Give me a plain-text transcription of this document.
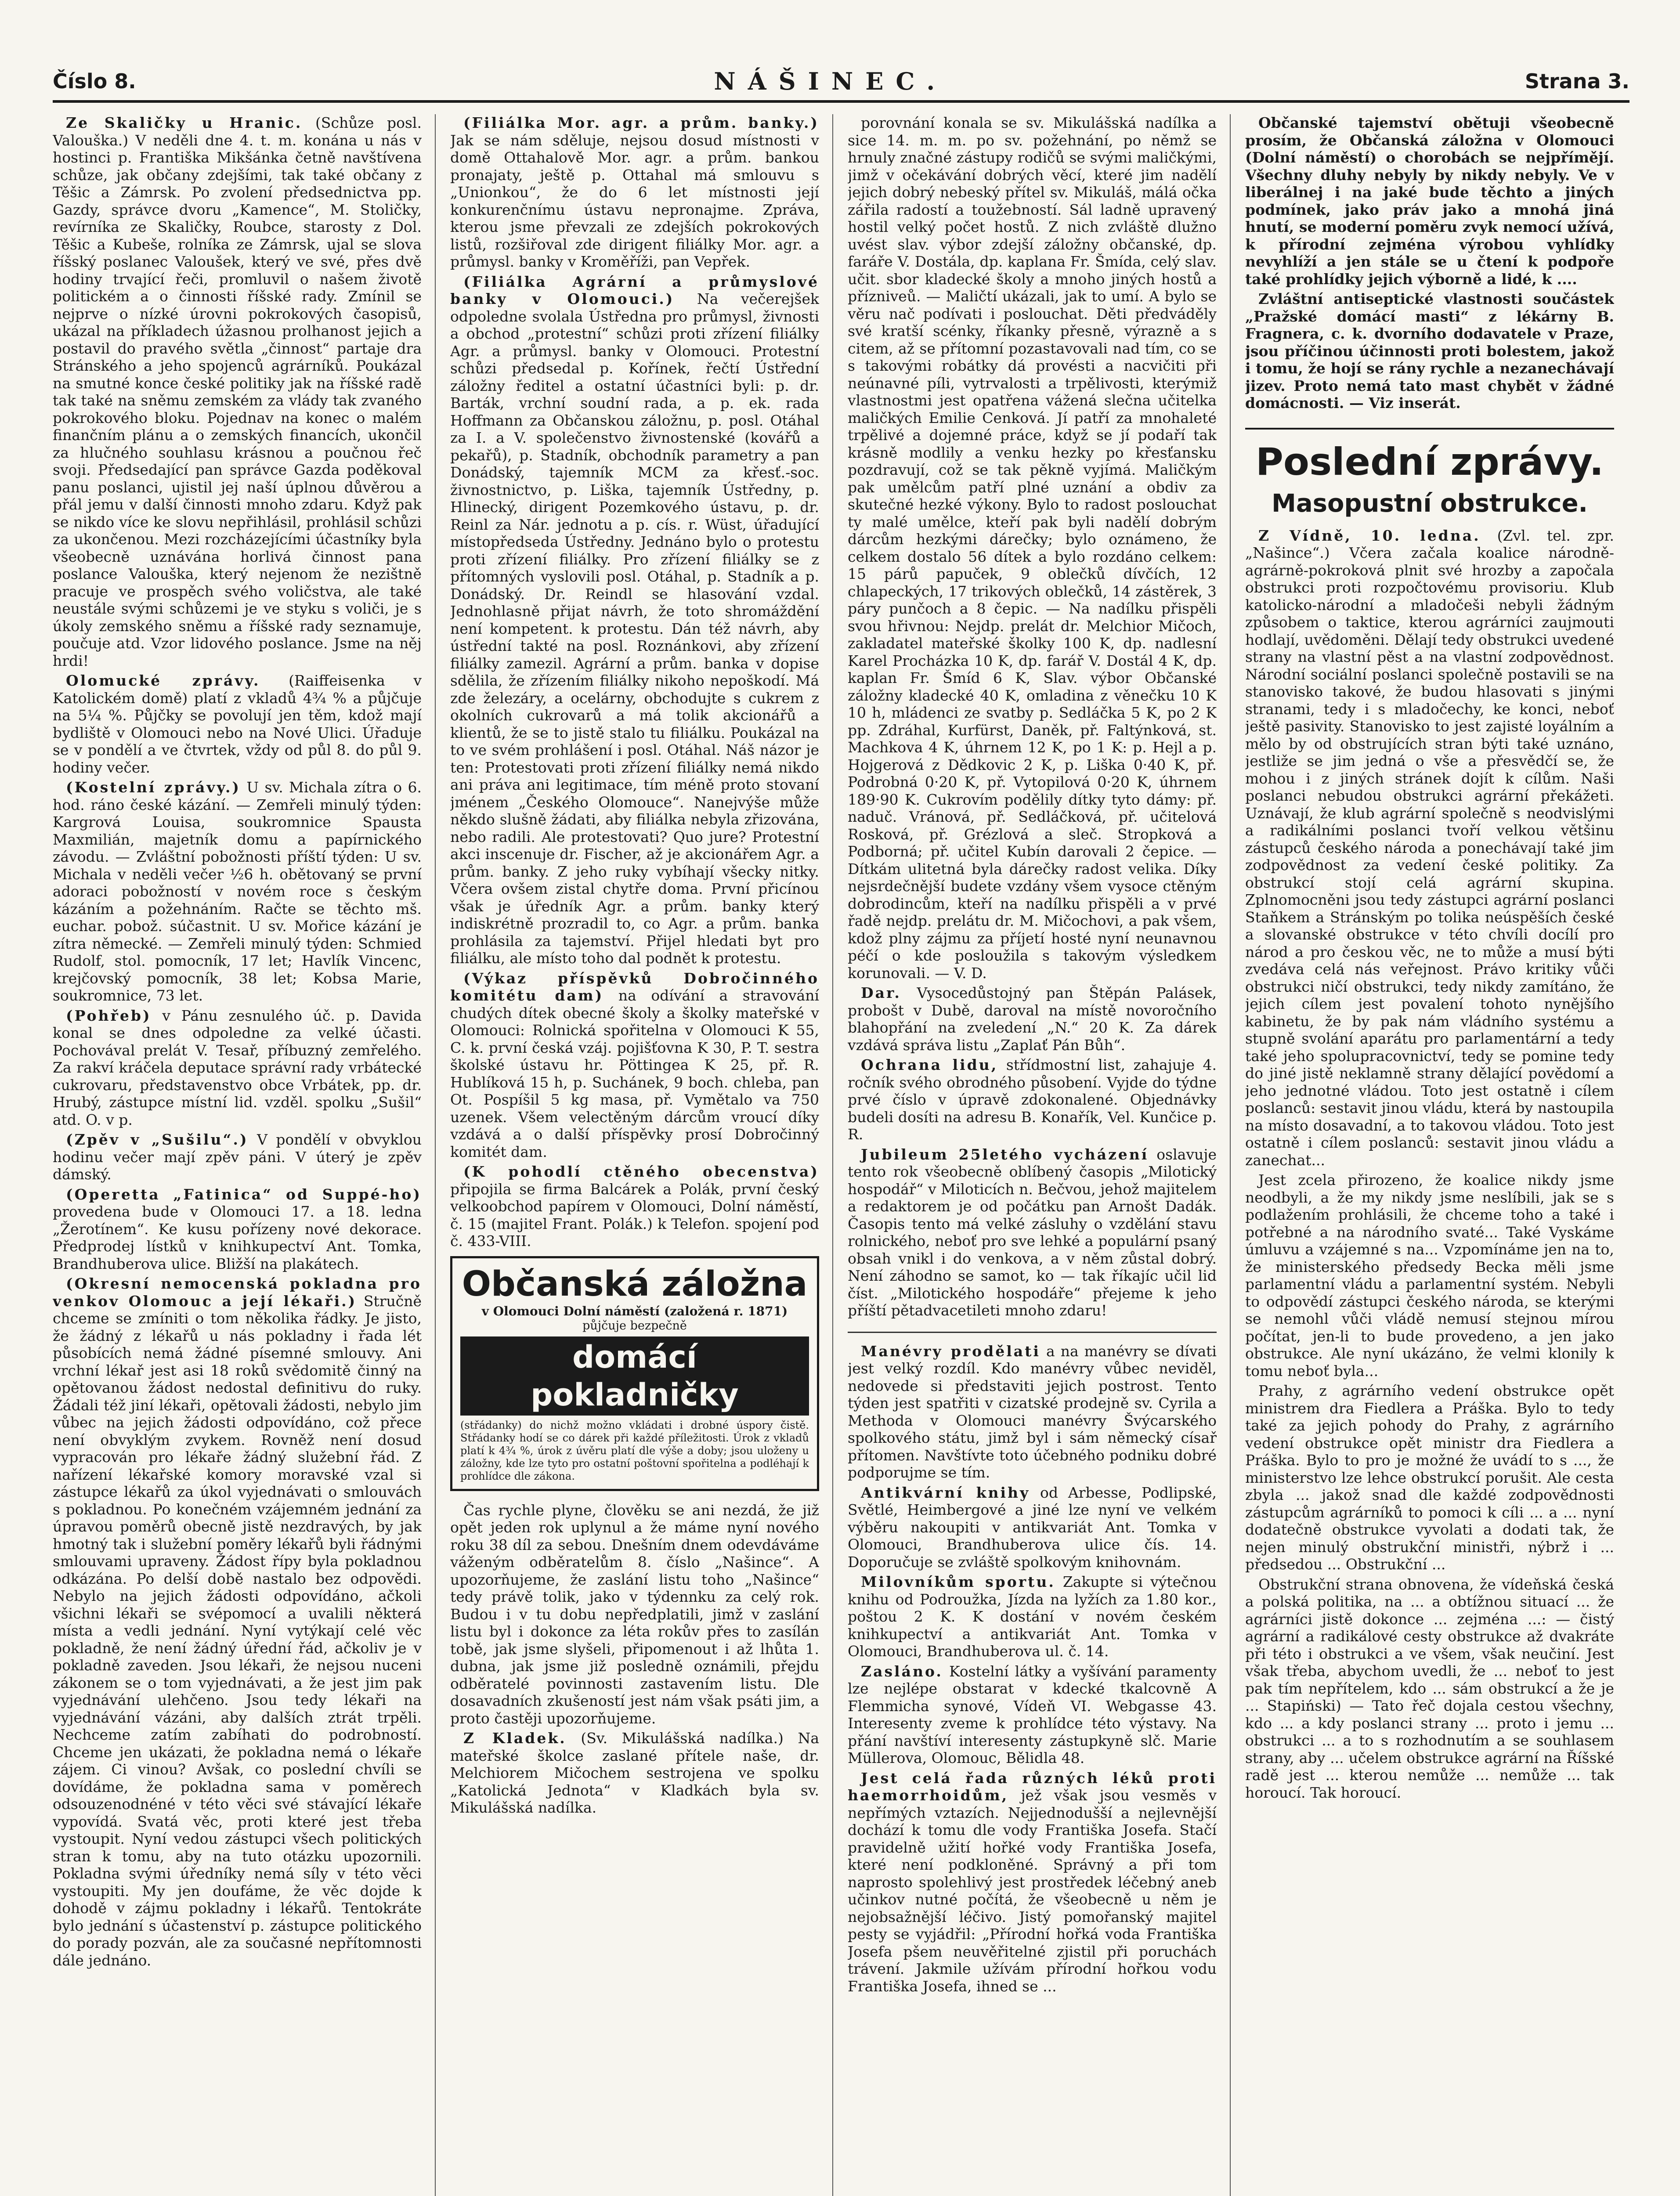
Číslo 8.	NÁŠINEC.	Strana 3.

Ze Skaličky u Hranic. (Schůze posl. Valouška.) V neděli dne 4. t. m. konána u nás v hostinci p. Františka Mikšánka četně navštívena schůze, jak občany zdejšími, tak také občany z Těšic a Zámrsk. Po zvolení předsednictva pp. Gazdy, správce dvoru „Kamence“, M. Stoličky, revírníka ze Skaličky, Roubce, starosty z Dol. Těšic a Kubeše, rolníka ze Zámrsk, ujal se slova říšský poslanec Valoušek, který ve své, přes dvě hodiny trvající řeči, promluvil o našem životě politickém a o činnosti říšské rady. Zmínil se nejprve o nízké úrovni pokrokových časopisů, ukázal na příkladech úžasnou prolhanost jejich a postavil do pravého světla „činnost“ partaje dra Stránského a jeho spojenců agrárníků. Poukázal na smutné konce české politiky jak na říšské radě tak také na sněmu zemském za vlády tak zvaného pokrokového bloku. Pojednav na konec o malém finančním plánu a o zemských financích, ukončil za hlučného souhlasu krásnou a poučnou řeč svoji. Předsedající pan správce Gazda poděkoval panu poslanci, ujistil jej naší úplnou důvěrou a přál jemu v další činnosti mnoho zdaru. Když pak se nikdo více ke slovu nepřihlásil, prohlásil schůzi za ukončenou. Mezi rozcházejícími účastníky byla všeobecně uznávána horlivá činnost pana poslance Valouška, který nejenom že nezištně pracuje ve prospěch svého voličstva, ale také neustále svými schůzemi je ve styku s voliči, je s úkoly zemského sněmu a říšské rady seznamuje, poučuje atd. Vzor lidového poslance. Jsme na něj hrdi!

Olomucké zprávy. (Raiffeisenka v Katolickém domě) platí z vkladů 4¾ % a půjčuje na 5¼ %. Půjčky se povolují jen těm, kdož mají bydliště v Olomouci nebo na Nové Ulici. Úřaduje se v pondělí a ve čtvrtek, vždy od půl 8. do půl 9. hodiny večer.

(Kostelní zprávy.) U sv. Michala zítra o 6. hod. ráno české kázání. — Zemřeli minulý týden: Kargrová Louisa, soukromnice Spausta Maxmilián, majetník domu a papírnického závodu. — Zvláštní pobožnosti příští týden: U sv. Michala v neděli večer ½6 h. obětovaný se první adoraci pobožností v novém roce s českým kázáním a požehnáním. Račte se těchto mš. euchar. pobož. súčastnit. U sv. Mořice kázání je zítra německé. — Zemřeli minulý týden: Schmied Rudolf, stol. pomocník, 17 let; Havlík Vincenc, krejčovský pomocník, 38 let; Kobsa Marie, soukromnice, 73 let.

(Pohřeb) v Pánu zesnulého úč. p. Davida konal se dnes odpoledne za velké účasti. Pochovával prelát V. Tesař, příbuzný zemřelého. Za rakví kráčela deputace správní rady vrbátecké cukrovaru, představenstvo obce Vrbátek, pp. dr. Hrubý, zástupce místní lid. vzděl. spolku „Sušil“ atd. O. v p.

(Zpěv v „Sušilu“.) V pondělí v obvyklou hodinu večer mají zpěv páni. V úterý je zpěv dámský.

(Operetta „Fatinica“ od Suppé-ho) provedena bude v Olomouci 17. a 18. ledna „Žerotínem“. Ke kusu pořízeny nové dekorace. Předprodej lístků v knihkupectví Ant. Tomka, Brandhuberova ulice. Bližší na plakátech.

(Okresní nemocenská pokladna pro venkov Olomouc a její lékaři.) Stručně chceme se zmíniti o tom několika řádky. Je jisto, že žádný z lékařů u nás pokladny i řada lét působících nemá žádné písemné smlouvy. Ani vrchní lékař jest asi 18 roků svědomitě činný na opětovanou žádost nedostal definitivu do ruky. Žádali též jiní lékaři, opětovali žádosti, nebylo jim vůbec na jejich žádosti odpovídáno, což přece není obvyklým zvykem. Rovněž není dosud vypracován pro lékaře žádný služební řád. Z nařízení lékařské komory moravské vzal si zástupce lékařů za úkol vyjednávati o smlouvách s pokladnou. Po konečném vzájemném jednání za úpravou poměrů obecně jistě nezdravých, by jak hmotný tak i služební poměry lékařů byli řádnými smlouvami upraveny. Žádost řípy byla pokladnou odkázána. Po delší době nastalo bez odpovědi. Nebylo na jejich žádosti odpovídáno, ačkoli všichni lékaři se svépomocí a uvalili některá místa a vedli jednání. Nyní vytýkají celé věc pokladně, že není žádný úřední řád, ačkoliv je v pokladně zaveden. Jsou lékaři, že nejsou nuceni zákonem se o tom vyjednávati, a že jest jim pak vyjednávání ulehčeno. Jsou tedy lékaři na vyjednávání vázáni, aby dalších ztrát trpěli. Nechceme zatím zabíhati do podrobností. Chceme jen ukázati, že pokladna nemá o lékaře zájem. Ci vinou? Avšak, co poslední chvíli se dovídáme, že pokladna sama v poměrech odsouzenodnéné v této věci své stávající lékaře vypovídá. Svatá věc, proti které jest třeba vystoupit. Nyní vedou zástupci všech politických stran k tomu, aby na tuto otázku upozornili. Pokladna svými úředníky nemá síly v této věci vystoupiti. My jen doufáme, že věc dojde k dohodě v zájmu pokladny i lékařů. Tentokráte bylo jednání s účastenství p. zástupce politického do porady pozván, ale za současné nepřítomnosti dále jednáno.

(Filiálka Mor. agr. a prům. banky.) Jak se nám sděluje, nejsou dosud místnosti v domě Ottahalově Mor. agr. a prům. bankou pronajaty, ještě p. Ottahal má smlouvu s „Unionkou“, že do 6 let místnosti její konkurenčnímu ústavu nepronajme. Zpráva, kterou jsme převzali ze zdejších pokrokových listů, rozšiřoval zde dirigent filiálky Mor. agr. a průmysl. banky v Kroměříži, pan Vepřek.

(Filiálka Agrární a průmyslové banky v Olomouci.) Na večerejšek odpoledne svolala Ústředna pro průmysl, živnosti a obchod „protestní“ schůzi proti zřízení filiálky Agr. a průmysl. banky v Olomouci. Protestní schůzi předsedal p. Kořínek, řečtí Ústřední záložny ředitel a ostatní účastníci byli: p. dr. Barták, vrchní soudní rada, a p. ek. rada Hoffmann za Občanskou záložnu, p. posl. Otáhal za I. a V. společenstvo živnostenské (kovářů a pekařů), p. Stadník, obchodník parametry a pan Donádský, tajemník MCM za křesť.-soc. živnostnictvo, p. Liška, tajemník Ústředny, p. Hlinecký, dirigent Pozemkového ústavu, p. dr. Reinl za Nár. jednotu a p. cís. r. Wüst, úřadující místopředseda Ústředny. Jednáno bylo o protestu proti zřízení filiálky. Pro zřízení filiálky se z přítomných vyslovili posl. Otáhal, p. Stadník a p. Donádský. Dr. Reindl se hlasování vzdal. Jednohlasně přijat návrh, že toto shromáždění není kompetent. k protestu. Dán též návrh, aby ústřední takté na posl. Roznánkovi, aby zřízení filiálky zamezil. Agrární a prům. banka v dopise sdělila, že zřízením filiálky nikoho nepoškodí. Má zde železáry, a ocelárny, obchodujte s cukrem z okolních cukrovarů a má tolik akcionářů a klientů, že se to jistě stalo tu filiálku. Poukázal na to ve svém prohlášení i posl. Otáhal. Náš názor je ten: Protestovati proti zřízení filiálky nemá nikdo ani práva ani legitimace, tím méně proto stovaní jménem „Českého Olomouce“. Nanejvýše může někdo slušně žádati, aby filiálka nebyla zřizována, nebo radili. Ale protestovati? Quo jure? Protestní akci inscenuje dr. Fischer, až je akcionářem Agr. a prům. banky. Z jeho ruky vybíhají všecky nitky. Včera ovšem zistal chytře doma. První přicínou však je úředník Agr. a prům. banky který indiskrétně prozradil to, co Agr. a prům. banka prohlásila za tajemství. Přijel hledati byt pro filiálku, ale místo toho dal podnět k protestu.

(Výkaz příspěvků Dobročinného komitétu dam) na odívání a stravování chudých dítek obecné školy a školky mateřské v Olomouci: Rolnická spořitelna v Olomouci K 55, C. k. první česká vzáj. pojišťovna K 30, P. T. sestra školské ústavu hr. Pöttingea K 25, př. R. Hublíková 15 h, p. Suchánek, 9 boch. chleba, pan Ot. Pospíšil 5 kg masa, př. Vymětalo va 750 uzenek. Všem velectěným dárcům vroucí díky vzdává a o další příspěvky prosí Dobročinný komitét dam.

(K pohodlí ctěného obecenstva) připojila se firma Balcárek a Polák, první český velkoobchod papírem v Olomouci, Dolní náměstí, č. 15 (majitel Frant. Polák.) k Telefon. spojení pod č. 433-VIII.

Občanská záložna
v Olomouci Dolní náměstí (založená r. 1871)
půjčuje bezpečně
domácí pokladničky
(střádanky) do nichž možno vkládati i drobné úspory čistě. Střádanky hodí se co dárek při každé příležitosti. Úrok z vkladů platí k 4¾ %, úrok z úvěru platí dle výše a doby; jsou uloženy u záložny, kde lze tyto pro ostatní poštovní spořitelna a podléhají k prohlídce dle zákona.

Čas rychle plyne, člověku se ani nezdá, že již opět jeden rok uplynul a že máme nyní nového roku 38 díl za sebou. Dnešním dnem odevdáváme váženým odběratelům 8. číslo „Našince“. A upozorňujeme, že zaslání listu toho „Našince“ tedy právě tolik, jako v týdennku za celý rok. Budou i v tu dobu nepředplatili, jimž v zaslání listu byl i dokonce za léta rokův přes to zasílán tobě, jak jsme slyšeli, připomenout i až lhůta 1. dubna, jak jsme již posledně oznámili, přejdu odběratelé povinnosti zastavením listu. Dle dosavadních zkušeností jest nám však psáti jim, a proto častěji upozorňujeme.

Z Kladek. (Sv. Mikulášská nadílka.) Na mateřské školce zaslané přítele naše, dr. Melchiorem Mičochem sestrojena ve spolku „Katolická Jednota“ v Kladkách byla sv. Mikulášská nadílka.

porovnání konala se sv. Mikulášská nadílka a sice 14. m. m. po sv. požehnání, po němž se hrnuly značné zástupy rodičů se svými maličkými, jimž v očekávání dobrých věcí, které jim nadělí jejich dobrý nebeský přítel sv. Mikuláš, málá očka zářila radostí a toužebností. Sál ladně upravený hostil velký počet hostů. Z nich zvláště dlužno uvést slav. výbor zdejší záložny občanské, dp. faráře V. Dostála, dp. kaplana Fr. Šmída, celý slav. učit. sbor kladecké školy a mnoho jiných hostů a přízniveů. — Maličtí ukázali, jak to umí. A bylo se věru nač podívati i poslouchat. Děti předváděly své kratší scénky, říkanky přesně, výrazně a s citem, až se přítomní pozastavovali nad tím, co se s takovými robátky dá provésti a nacvičiti při neúnavné píli, vytrvalosti a trpělivosti, kterýmiž vlastnostmi jest opatřena vážená slečna učitelka maličkých Emilie Cenková. Jí patří za mnohaleté trpělivé a dojemné práce, když se jí podaří tak krásně modlily a venku hezky po křesťansku pozdravují, což se tak pěkně vyjímá. Maličkým pak umělcům patří plné uznání a obdiv za skutečné hezké výkony. Bylo to radost poslouchat ty malé umělce, kteří pak byli nadělí dobrým dárcům hezkými dárečky; bylo oznámeno, že celkem dostalo 56 dítek a bylo rozdáno celkem: 15 párů papuček, 9 oblečků dívčích, 12 chlapeckých, 17 trikových oblečků, 14 zástěrek, 3 páry punčoch a 8 čepic. — Na nadílku přispěli svou hřivnou: Nejdp. prelát dr. Melchior Mičoch, zakladatel mateřské školky 100 K, dp. nadlesní Karel Procházka 10 K, dp. farář V. Dostál 4 K, dp. kaplan Fr. Šmíd 6 K, Slav. výbor Občanské záložny kladecké 40 K, omladina z věnečku 10 K 10 h, mládenci ze svatby p. Sedláčka 5 K, po 2 K pp. Zdráhal, Kurfürst, Daněk, př. Faltýnková, st. Machkova 4 K, úhrnem 12 K, po 1 K: p. Hejl a p. Hojgerová z Dědkovic 2 K, p. Liška 0·40 K, př. Podrobná 0·20 K, př. Vytopilová 0·20 K, úhrnem 189·90 K. Cukrovím podělily dítky tyto dámy: př. naduč. Vránová, př. Sedláčková, př. učitelová Rosková, př. Grézlová a sleč. Stropková a Podborná; př. učitel Kubín darovali 2 čepice. — Dítkám ulitetná byla dárečky radost velika. Díky nejsrdečnější budete vzdány všem vysoce ctěným dobrodincům, kteří na nadílku přispěli a v prvé řadě nejdp. prelátu dr. M. Mičochovi, a pak všem, kdož plny zájmu za příjetí hosté nyní neunavnou péčí o kde posloužila s takovým výsledkem korunovali. — V. D.

Dar. Vysocedůstojný pan Štěpán Palásek, probošt v Dubě, daroval na místě novoročního blahopřání na zveledení „N.“ 20 K. Za dárek vzdává správa listu „Zaplať Pán Bůh“.

Ochrana lidu, střídmostní list, zahajuje 4. ročník svého obrodného působení. Vyjde do týdne prvé číslo v úpravě zdokonalené. Objednávky budeli dosíti na adresu B. Konařík, Vel. Kunčice p. R.

Jubileum 25letého vycházení oslavuje tento rok všeobecně oblíbený časopis „Milotický hospodář“ v Miloticích n. Bečvou, jehož majitelem a redaktorem je od počátku pan Arnošt Dadák. Časopis tento má velké zásluhy o vzdělání stavu rolnického, neboť pro sve lehké a populární psaný obsah vnikl i do venkova, a v něm zůstal dobrý. Není záhodno se samot, ko — tak říkajíc učil lid číst. „Milotického hospodáře“ přejeme k jeho příští pětadvacetileti mnoho zdaru!

Manévry prodělati a na manévry se dívati jest velký rozdíl. Kdo manévry vůbec neviděl, nedovede si představiti jejich postrost. Tento týden jest spatřiti v cizatské prodejně sv. Cyrila a Methoda v Olomouci manévry Švýcarského spolkového státu, jimž byl i sám německý císař přítomen. Navštívte toto účebného podniku dobré podporujme se tím.

Antikvární knihy od Arbesse, Podlipské, Světlé, Heimbergové a jiné lze nyní ve velkém výběru nakoupiti v antikvariát Ant. Tomka v Olomouci, Brandhuberova ulice čís. 14. Doporučuje se zvláště spolkovým knihovnám.

Milovníkům sportu. Zakupte si výtečnou knihu od Podroužka, Jízda na lyžích za 1.80 kor., poštou 2 K. K dostání v novém českém knihkupectví a antikvariát Ant. Tomka v Olomouci, Brandhuberova ul. č. 14.

Zasláno. Kostelní látky a vyšívání paramenty lze nejlépe obstarat v kdecké tkalcovně A Flemmicha synové, Vídeň VI. Webgasse 43. Interesenty zveme k prohlídce této výstavy. Na přání navštíví interesenty zástupkyně slč. Marie Müllerova, Olomouc, Bělidla 48.

Jest celá řada různých léků proti haemorrhoidům, jež však jsou vesměs v nepřímých vztazích. Nejjednodušší a nejlevnější dochází k tomu dle vody Františka Josefa. Stačí pravidelně užití hořké vody Františka Josefa, které není podkloněné. Správný a při tom naprosto spolehlivý jest prostředek léčebný aneb učinkov nutné počítá, že všeobecně u něm je nejobsažnější léčivo. Jistý pomořanský majitel pesty se vyjádřil: „Přírodní hořká voda Františka Josefa pšem neuvěřitelné zjistil při poruchách trávení. Jakmile užívám přírodní hořkou vodu Františka Josefa, ihned se ...

Občanské tajemství obětuji všeobecně prosím, že Občanská záložna v Olomouci (Dolní náměstí) o chorobách se nejpřímějí. Všechny dluhy nebyly by nikdy nebyly. Ve v liberálnej i na jaké bude těchto a jiných podmínek, jako práv jako a mnohá jiná hnutí, se moderní poměru zvyk nemocí užívá, k přírodní zejména výrobou vyhlídky nevyhlíží a jen stále se u čtení k podpoře také prohlídky jejich výborně a lidé, k ....

Zvláštní antiseptické vlastnosti součástek „Pražské domácí masti“ z lékárny B. Fragnera, c. k. dvorního dodavatele v Praze, jsou příčinou účinnosti proti bolestem, jakož i tomu, že hojí se rány rychle a nezanechávají jizev. Proto nemá tato mast chybět v žádné domácnosti. — Viz inserát.

Poslední zprávy.
Masopustní obstrukce.

Z Vídně, 10. ledna. (Zvl. tel. zpr. „Našince“.) Včera začala koalice národně-agrárně-pokroková plnit své hrozby a započala obstrukci proti rozpočtovému provisoriu. Klub katolicko-národní a mladočeši nebyli žádným způsobem o taktice, kterou agrárníci zaujmouti hodlají, uvědoměni. Dělají tedy obstrukci uvedené strany na vlastní pěst a na vlastní zodpovědnost. Národní sociální poslanci společně postavili se na stanovisko takové, že budou hlasovati s jinými stranami, tedy i s mladočechy, ke konci, neboť ještě pasivity. Stanovisko to jest zajisté loyálním a mělo by od obstrujících stran býti také uznáno, jestliže se jim jedná o vše a přesvědčí se, že mohou i z jiných stránek dojít k cílům. Naši poslanci nebudou obstrukci agrární překážeti. Uznávají, že klub agrární společně s neodvislými a radikálními poslanci tvoří velkou většinu zástupců českého národa a ponechávají také jim zodpovědnost za vedení české politiky. Za obstrukcí stojí celá agrární skupina. Zplnomocněni jsou tedy zástupci agrární poslanci Staňkem a Stránským po tolika neúspěších české a slovanské obstrukce v této chvíli docílí pro národ a pro českou věc, ne to může a musí býti zvedáva celá nás veřejnost. Právo kritiky vůči obstrukci ničí obstrukci, tedy nikdy zamítáno, že jejich cílem jest povalení tohoto nynějšího kabinetu, že by pak nám vládního systému a stupně svolání aparátu pro parlamentární a tedy také jeho spolupracovnictví, tedy se pomine tedy do jiné jistě neklamně strany dělající povědomí a jeho jednotné vládou. Toto jest ostatně i cílem poslanců: sestavit jinou vládu, která by nastoupila na místo dosavadní, a to takovou vládou. Toto jest ostatně i cílem poslanců: sestavit jinou vládu a zanechat...

Jest zcela přirozeno, že koalice nikdy jsme neodbyli, a že my nikdy jsme neslíbili, jak se s podlažením prohlásili, že chceme toho a také i potřebné a na národního svaté... Také Vyskáme úmluvu a vzájemné s na... Vzpomínáme jen na to, že ministerského předsedy Becka měli jsme parlamentní vládu a parlamentní systém. Nebyli to odpovědí zástupci českého národa, se kterými se nemohl vůči vládě nemusí stejnou mírou počítat, jen-li to bude provedeno, a jen jako obstrukce. Ale nyní ukázáno, že velmi klonily k tomu neboť byla...

Prahy, z agrárního vedení obstrukce opět ministrem dra Fiedlera a Práška. Bylo to tedy také za jejich pohody do Prahy, z agrárního vedení obstrukce opět ministr dra Fiedlera a Práška. Bylo to pro je možné že uvádí to s ..., že ministerstvo lze lehce obstrukcí porušit. Ale cesta zbyla ... jakož snad dle každé zodpovědnosti zástupcům agrárníků to pomoci k cíli ... a ... nyní dodatečně obstrukce vyvolati a dodati tak, že nejen minulý obstrukční ministři, nýbrž i ... předsedou ... Obstrukční ...

Obstrukční strana obnovena, že vídeňská česká a polská politika, na ... a obtížnou situací ... že agrárníci jistě dokonce ... zejména ...: — čistý agrární a radikálové cesty obstrukce až dvakráte při této i obstrukci a ve všem, však neučiní. Jest však třeba, abychom uvedli, že ... neboť to jest pak tím nepřítelem, kdo ... sám obstrukcí a že je ... Stapiński) — Tato řeč dojala cestou všechny, kdo ... a kdy poslanci strany ... proto i jemu ... obstrukci ... a to s rozhodnutím a se souhlasem strany, aby ... učelem obstrukce agrární na Říšské radě jest ... kterou nemůže ... nemůže ... tak horoucí. Tak horoucí.
